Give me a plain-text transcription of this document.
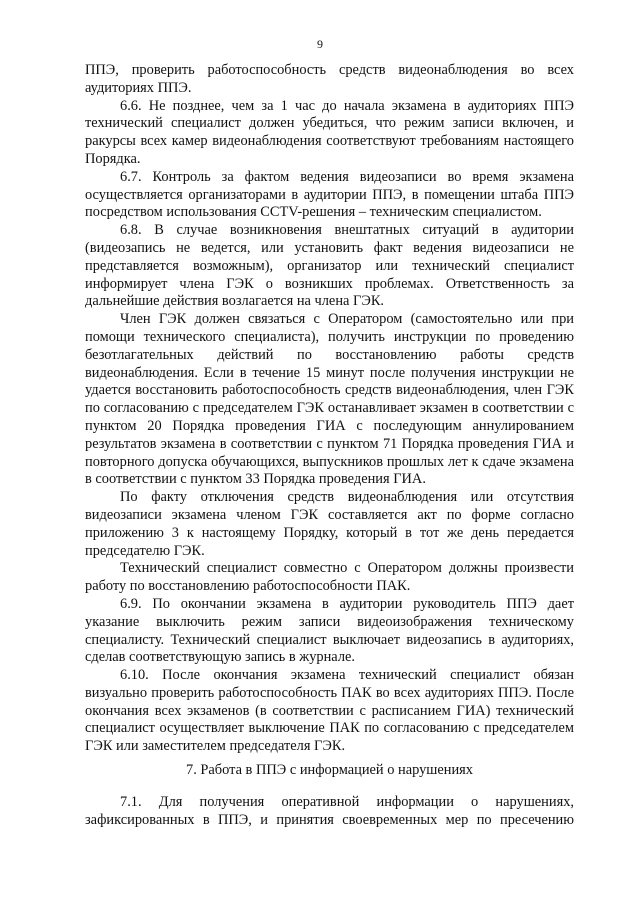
9

ППЭ, проверить работоспособность средств видеонаблюдения во всех аудиториях ППЭ.

6.6. Не позднее, чем за 1 час до начала экзамена в аудиториях ППЭ технический специалист должен убедиться, что режим записи включен, и ракурсы всех камер видеонаблюдения соответствуют требованиям настоящего Порядка.

6.7. Контроль за фактом ведения видеозаписи во время экзамена осуществляется организаторами в аудитории ППЭ, в помещении штаба ППЭ посредством использования CCTV-решения – техническим специалистом.

6.8. В случае возникновения внештатных ситуаций в аудитории (видеозапись не ведется, или установить факт ведения видеозаписи не представляется возможным), организатор или технический специалист информирует члена ГЭК о возникших проблемах. Ответственность за дальнейшие действия возлагается на члена ГЭК.

Член ГЭК должен связаться с Оператором (самостоятельно или при помощи технического специалиста), получить инструкции по проведению безотлагательных действий по восстановлению работы средств видеонаблюдения. Если в течение 15 минут после получения инструкции не удается восстановить работоспособность средств видеонаблюдения, член ГЭК по согласованию с председателем ГЭК останавливает экзамен в соответствии с пунктом 20 Порядка проведения ГИА с последующим аннулированием результатов экзамена в соответствии с пунктом 71 Порядка проведения ГИА и повторного допуска обучающихся, выпускников прошлых лет к сдаче экзамена в соответствии с пунктом 33 Порядка проведения ГИА.

По факту отключения средств видеонаблюдения или отсутствия видеозаписи экзамена членом ГЭК составляется акт по форме согласно приложению 3 к настоящему Порядку, который в тот же день передается председателю ГЭК.

Технический специалист совместно с Оператором должны произвести работу по восстановлению работоспособности ПАК.

6.9. По окончании экзамена в аудитории руководитель ППЭ дает указание выключить режим записи видеоизображения техническому специалисту. Технический специалист выключает видеозапись в аудиториях, сделав соответствующую запись в журнале.

6.10. После окончания экзамена технический специалист обязан визуально проверить работоспособность ПАК во всех аудиториях ППЭ. После окончания всех экзаменов (в соответствии с расписанием ГИА) технический специалист осуществляет выключение ПАК по согласованию с председателем ГЭК или заместителем председателя ГЭК.

7. Работа в ППЭ с информацией о нарушениях

7.1. Для получения оперативной информации о нарушениях, зафиксированных в ППЭ, и принятия своевременных мер по пресечению
